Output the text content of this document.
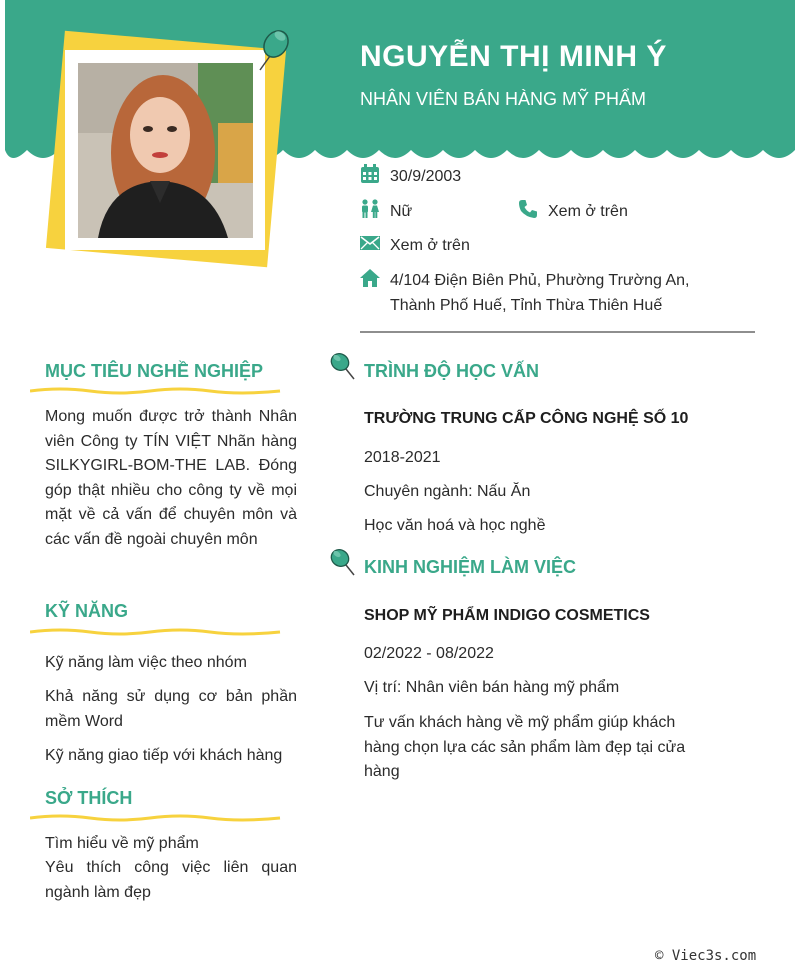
NGUYỄN THỊ MINH Ý
NHÂN VIÊN BÁN HÀNG MỸ PHẨM
30/9/2003
Nữ	Xem ở trên
Xem ở trên
4/104 Điện Biên Phủ, Phường Trường An,
Thành Phố Huế, Tỉnh Thừa Thiên Huế
MỤC TIÊU NGHỀ NGHIỆP
Mong muốn được trở thành Nhân viên Công ty TÍN VIỆT Nhãn hàng SILKYGIRL-BOM-THE LAB. Đóng góp thật nhiều cho công ty về mọi mặt về cả vấn để chuyên môn và các vấn đề ngoài chuyên môn
KỸ NĂNG
Kỹ năng làm việc theo nhóm
Khả năng sử dụng cơ bản phần mềm Word
Kỹ năng giao tiếp với khách hàng
SỞ THÍCH
Tìm hiểu về mỹ phẩm
Yêu thích công việc liên quan ngành làm đẹp
TRÌNH ĐỘ HỌC VẤN
TRƯỜNG TRUNG CẤP CÔNG NGHỆ SỐ 10
2018-2021
Chuyên ngành: Nấu Ăn
Học văn hoá và học nghề
KINH NGHIỆM LÀM VIỆC
SHOP MỸ PHẨM INDIGO COSMETICS
02/2022 - 08/2022
Vị trí: Nhân viên bán hàng mỹ phẩm
Tư vấn khách hàng về mỹ phẩm giúp khách hàng chọn lựa các sản phẩm làm đẹp tại cửa hàng
© Viec3s.com
